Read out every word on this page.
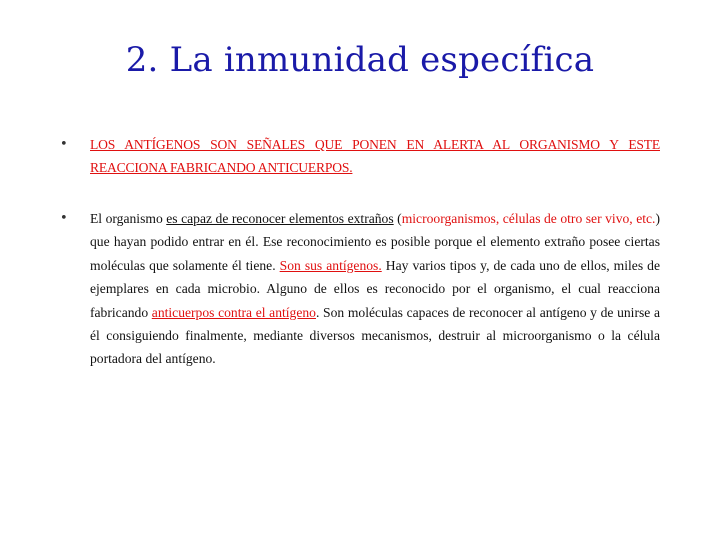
2. La inmunidad específica
• LOS ANTÍGENOS SON SEÑALES QUE PONEN EN ALERTA AL ORGANISMO Y ESTE REACCIONA FABRICANDO ANTICUERPOS.
• El organismo es capaz de reconocer elementos extraños (microorganismos, células de otro ser vivo, etc.) que hayan podido entrar en él. Ese reconocimiento es posible porque el elemento extraño posee ciertas moléculas que solamente él tiene. Son sus antígenos. Hay varios tipos y, de cada uno de ellos, miles de ejemplares en cada microbio. Alguno de ellos es reconocido por el organismo, el cual reacciona fabricando anticuerpos contra el antígeno. Son moléculas capaces de reconocer al antígeno y de unirse a él consiguiendo finalmente, mediante diversos mecanismos, destruir al microorganismo o la célula portadora del antígeno.
